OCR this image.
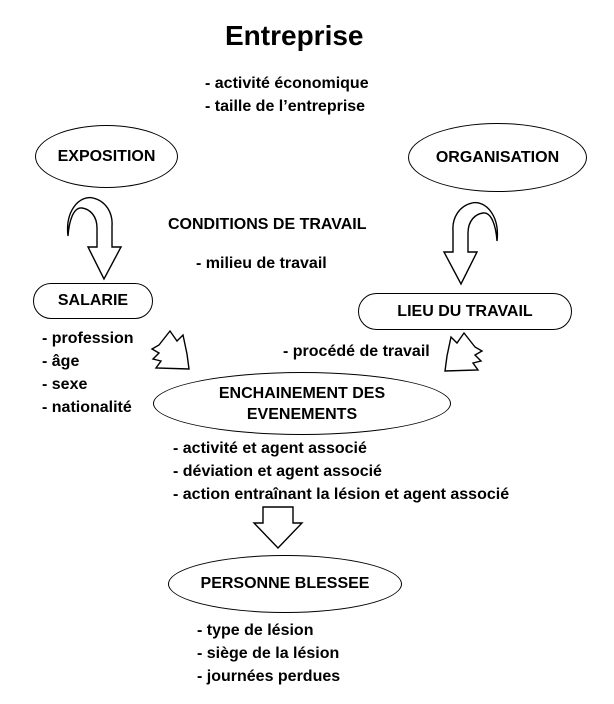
Entreprise
- activité économique
- taille de l’entreprise
EXPOSITION	ORGANISATION
CONDITIONS DE TRAVAIL
- milieu de travail
SALARIE
LIEU DU TRAVAIL
- profession
- âge
- sexe
- nationalité
- procédé de travail
ENCHAINEMENT DES
EVENEMENTS
- activité et agent associé
- déviation et agent associé
- action entraînant la lésion et agent associé
PERSONNE BLESSEE
- type de lésion
- siège de la lésion
- journées perdues
